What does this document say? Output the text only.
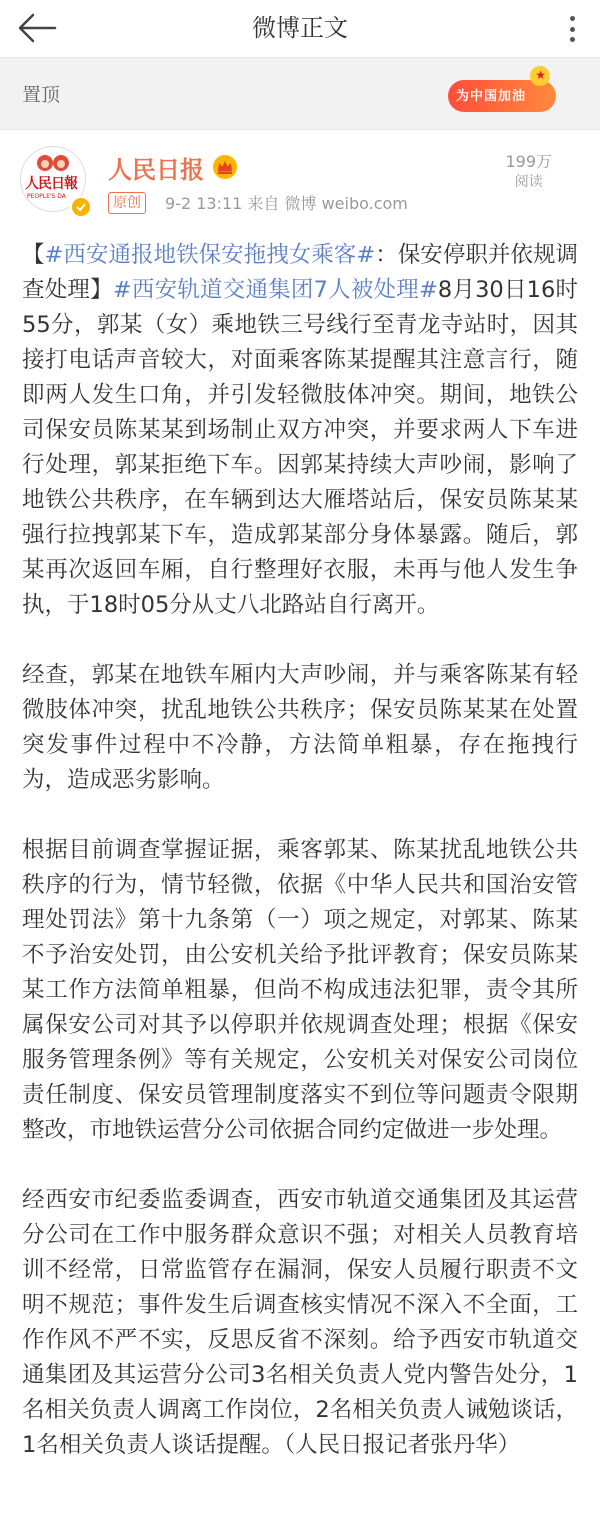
微博正文
置顶
★
为中国加油
人民日報
PEOPLE'S DA
人民日报
原创	9-2 13:11 来自 微博 weibo.com
199万
阅读

【#西安通报地铁保安拖拽女乘客#：保安停职并依规调查处理】#西安轨道交通集团7人被处理#8月30日16时55分，郭某（女）乘地铁三号线行至青龙寺站时，因其接打电话声音较大，对面乘客陈某提醒其注意言行，随即两人发生口角，并引发轻微肢体冲突。期间，地铁公司保安员陈某某到场制止双方冲突，并要求两人下车进行处理，郭某拒绝下车。因郭某持续大声吵闹，影响了地铁公共秩序，在车辆到达大雁塔站后，保安员陈某某强行拉拽郭某下车，造成郭某部分身体暴露。随后，郭某再次返回车厢，自行整理好衣服，未再与他人发生争执，于18时05分从丈八北路站自行离开。

经查，郭某在地铁车厢内大声吵闹，并与乘客陈某有轻微肢体冲突，扰乱地铁公共秩序；保安员陈某某在处置突发事件过程中不冷静，方法简单粗暴，存在拖拽行为，造成恶劣影响。

根据目前调查掌握证据，乘客郭某、陈某扰乱地铁公共秩序的行为，情节轻微，依据《中华人民共和国治安管理处罚法》第十九条第（一）项之规定，对郭某、陈某不予治安处罚，由公安机关给予批评教育；保安员陈某某工作方法简单粗暴，但尚不构成违法犯罪，责令其所属保安公司对其予以停职并依规调查处理；根据《保安服务管理条例》等有关规定，公安机关对保安公司岗位责任制度、保安员管理制度落实不到位等问题责令限期整改，市地铁运营分公司依据合同约定做进一步处理。

经西安市纪委监委调查，西安市轨道交通集团及其运营分公司在工作中服务群众意识不强；对相关人员教育培训不经常，日常监管存在漏洞，保安人员履行职责不文明不规范；事件发生后调查核实情况不深入不全面，工作作风不严不实，反思反省不深刻。给予西安市轨道交通集团及其运营分公司3名相关负责人党内警告处分，1名相关负责人调离工作岗位，2名相关负责人诫勉谈话，1名相关负责人谈话提醒。（人民日报记者张丹华）
